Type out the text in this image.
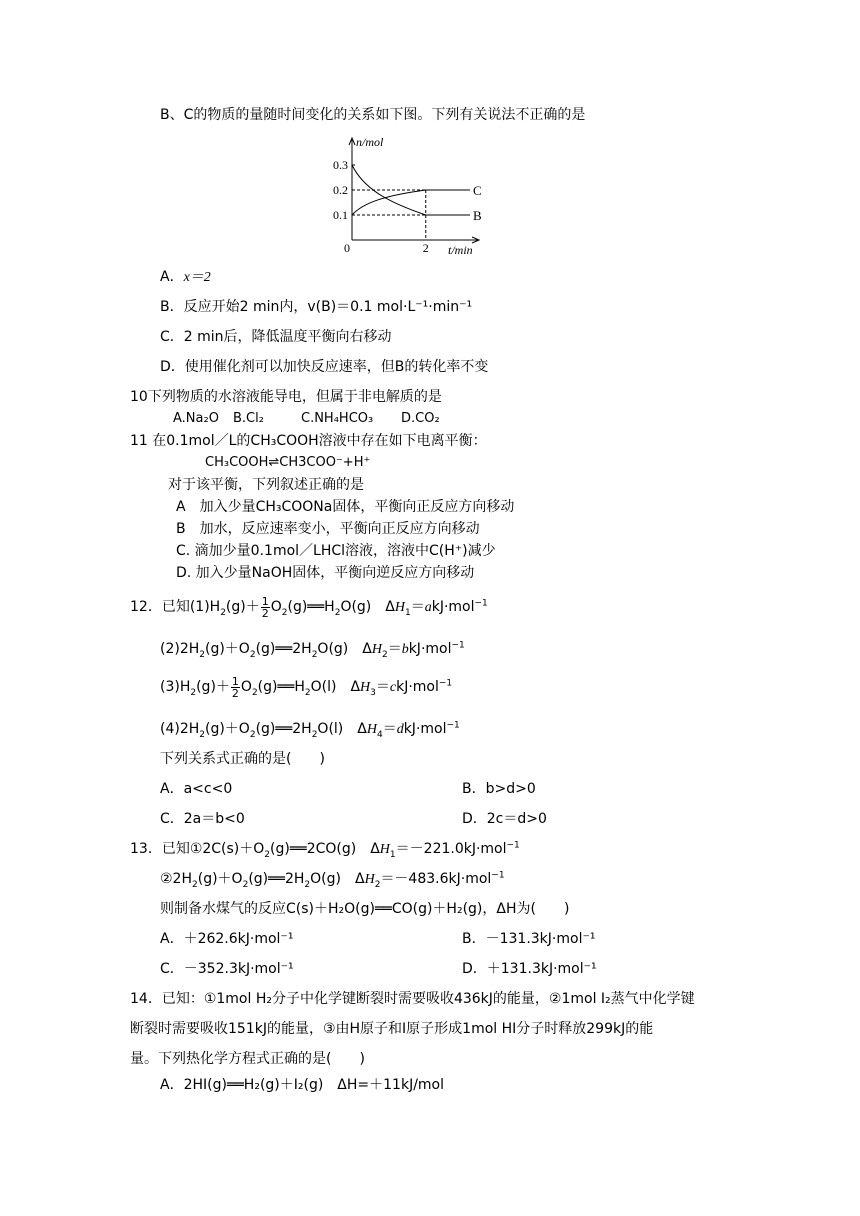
B、C的物质的量随时间变化的关系如下图。下列有关说法不正确的是
n/mol
0.3
0.2
0.1
0	2 t/min
C
B
A．x＝2
B．反应开始2 min内，v(B)＝0.1 mol·L⁻¹·min⁻¹
C．2 min后，降低温度平衡向右移动
D．使用催化剂可以加快反应速率，但B的转化率不变
10下列物质的水溶液能导电，但属于非电解质的是
A.Na₂O B.Cl₂	C.NH₄HCO₃ D.CO₂
11 在0.1mol／L的CH₃COOH溶液中存在如下电离平衡：
CH₃COOH⇌CH3COO⁻+H⁺
对于该平衡，下列叙述正确的是
A　加入少量CH₃COONa固体，平衡向正反应方向移动
B　加水，反应速率变小，平衡向正反应方向移动
C. 滴加少量0.1mol／LHCl溶液，溶液中C(H⁺)减少
D. 加入少量NaOH固体，平衡向逆反应方向移动
12．已知$(1)H_2(g)+ \frac{1}{2}$ $O_2(g)══H_2O(g)$　$\Delta H_1=akJ\cdot mol^{-1}$
$(2)2H_2(g)+O_2(g)══2H_2O(g)$　$\Delta H_2=bkJ\cdot mol^{-1}$
$(3)H_2(g)+ \frac{1}{2}$ $O_2(g)══H_2O(l)$　$\Delta H_3=ckJ\cdot mol^{-1}$
$(4)2H_2(g)+O_2(g)══2H_2O(l)$　$\Delta H_4=dkJ\cdot mol^{-1}$
下列关系式正确的是(　　)
A．a<c<0	B．b>d>0
C．2a＝b<0	D．2c＝d>0
13．已知$①2C(s)+O_2(g)══2CO(g)$　$\Delta H_1=-221.0kJ\cdot mol^{-1}$
$②2H_2(g)+O_2(g)══2H_2O(g)$　$\Delta H_2=-483.6kJ\cdot mol^{-1}$
则制备水煤气的反应C(s)＋H₂O(g)══CO(g)＋H₂(g)，ΔH为(　　)
A．＋262.6kJ·mol⁻¹	B．－131.3kJ·mol⁻¹
C．－352.3kJ·mol⁻¹	D．＋131.3kJ·mol⁻¹
14．已知：①1mol H₂分子中化学键断裂时需要吸收436kJ的能量，②1mol I₂蒸气中化学键
断裂时需要吸收151kJ的能量，③由H原子和I原子形成1mol HI分子时释放299kJ的能
量。下列热化学方程式正确的是(　　)
A．2HI(g)══H₂(g)＋I₂(g)　ΔH=＋11kJ/mol
